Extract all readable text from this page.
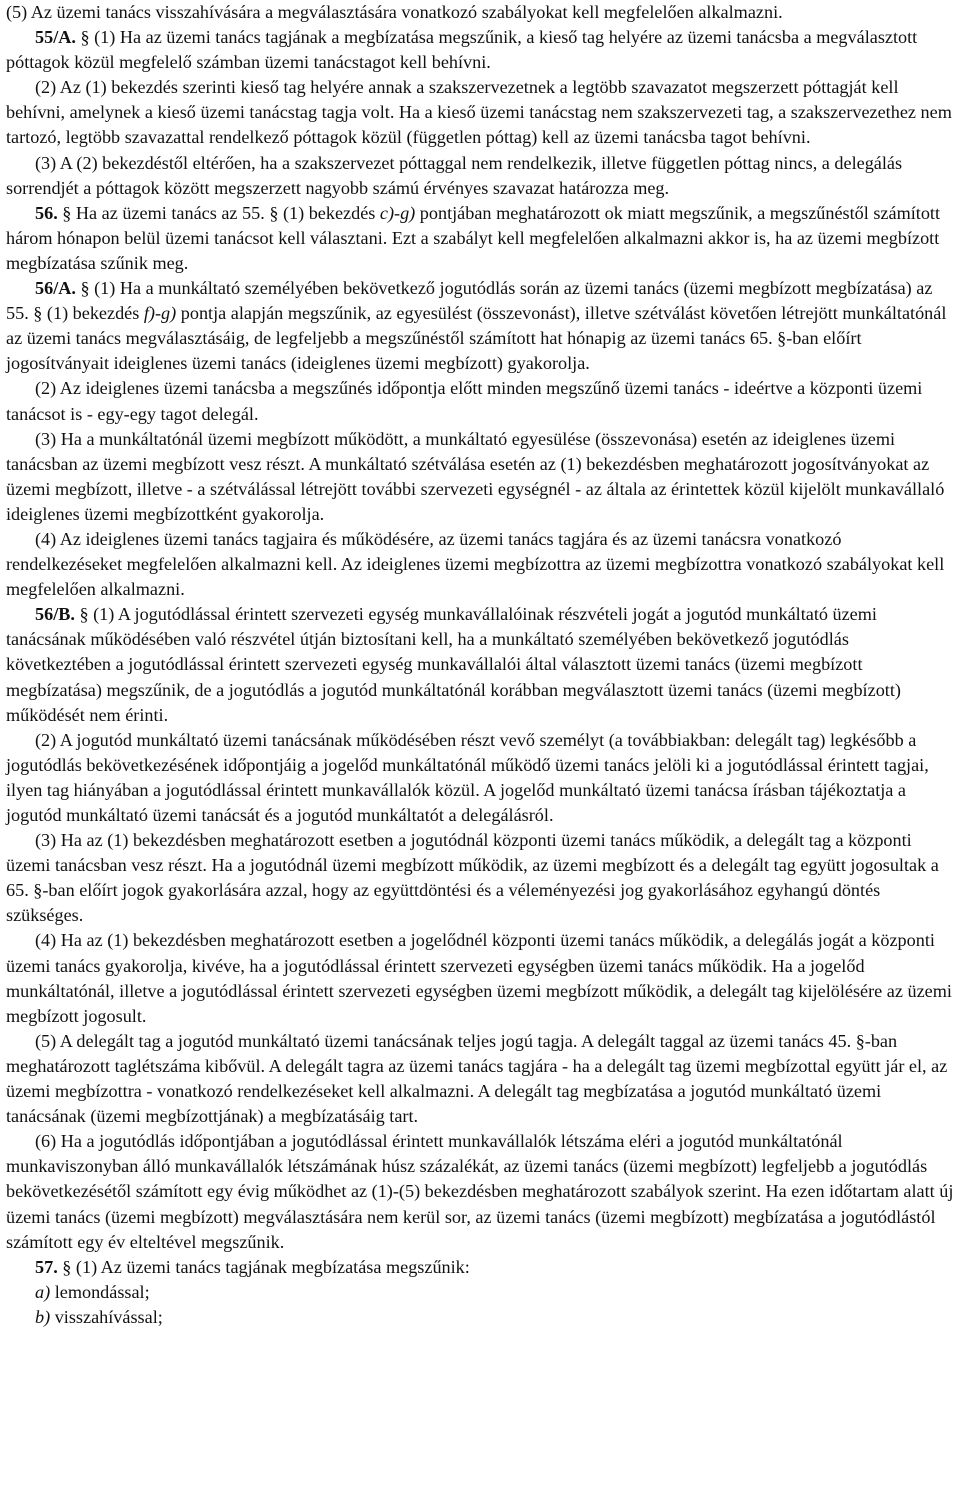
(5) Az üzemi tanács visszahívására a megválasztására vonatkozó szabályokat kell megfelelően alkalmazni.

55/A. § (1) Ha az üzemi tanács tagjának a megbízatása megszűnik, a kieső tag helyére az üzemi tanácsba a megválasztott póttagok közül megfelelő számban üzemi tanácstagot kell behívni.

(2) Az (1) bekezdés szerinti kieső tag helyére annak a szakszervezetnek a legtöbb szavazatot megszerzett póttagját kell behívni, amelynek a kieső üzemi tanácstag tagja volt. Ha a kieső üzemi tanácstag nem szakszervezeti tag, a szakszervezethez nem tartozó, legtöbb szavazattal rendelkező póttagok közül (független póttag) kell az üzemi tanácsba tagot behívni.

(3) A (2) bekezdéstől eltérően, ha a szakszervezet póttaggal nem rendelkezik, illetve független póttag nincs, a delegálás sorrendjét a póttagok között megszerzett nagyobb számú érvényes szavazat határozza meg.

56. § Ha az üzemi tanács az 55. § (1) bekezdés c)-g) pontjában meghatározott ok miatt megszűnik, a megszűnéstől számított három hónapon belül üzemi tanácsot kell választani. Ezt a szabályt kell megfelelően alkalmazni akkor is, ha az üzemi megbízott megbízatása szűnik meg.

56/A. § (1) Ha a munkáltató személyében bekövetkező jogutódlás során az üzemi tanács (üzemi megbízott megbízatása) az 55. § (1) bekezdés f)-g) pontja alapján megszűnik, az egyesülést (összevonást), illetve szétválást követően létrejött munkáltatónál az üzemi tanács megválasztásáig, de legfeljebb a megszűnéstől számított hat hónapig az üzemi tanács 65. §-ban előírt jogosítványait ideiglenes üzemi tanács (ideiglenes üzemi megbízott) gyakorolja.

(2) Az ideiglenes üzemi tanácsba a megszűnés időpontja előtt minden megszűnő üzemi tanács - ideértve a központi üzemi tanácsot is - egy-egy tagot delegál.

(3) Ha a munkáltatónál üzemi megbízott működött, a munkáltató egyesülése (összevonása) esetén az ideiglenes üzemi tanácsban az üzemi megbízott vesz részt. A munkáltató szétválása esetén az (1) bekezdésben meghatározott jogosítványokat az üzemi megbízott, illetve - a szétválással létrejött további szervezeti egységnél - az általa az érintettek közül kijelölt munkavállaló ideiglenes üzemi megbízottként gyakorolja.

(4) Az ideiglenes üzemi tanács tagjaira és működésére, az üzemi tanács tagjára és az üzemi tanácsra vonatkozó rendelkezéseket megfelelően alkalmazni kell. Az ideiglenes üzemi megbízottra az üzemi megbízottra vonatkozó szabályokat kell megfelelően alkalmazni.

56/B. § (1) A jogutódlással érintett szervezeti egység munkavállalóinak részvételi jogát a jogutód munkáltató üzemi tanácsának működésében való részvétel útján biztosítani kell, ha a munkáltató személyében bekövetkező jogutódlás következtében a jogutódlással érintett szervezeti egység munkavállalói által választott üzemi tanács (üzemi megbízott megbízatása) megszűnik, de a jogutódlás a jogutód munkáltatónál korábban megválasztott üzemi tanács (üzemi megbízott) működését nem érinti.

(2) A jogutód munkáltató üzemi tanácsának működésében részt vevő személyt (a továbbiakban: delegált tag) legkésőbb a jogutódlás bekövetkezésének időpontjáig a jogelőd munkáltatónál működő üzemi tanács jelöli ki a jogutódlással érintett tagjai, ilyen tag hiányában a jogutódlással érintett munkavállalók közül. A jogelőd munkáltató üzemi tanácsa írásban tájékoztatja a jogutód munkáltató üzemi tanácsát és a jogutód munkáltatót a delegálásról.

(3) Ha az (1) bekezdésben meghatározott esetben a jogutódnál központi üzemi tanács működik, a delegált tag a központi üzemi tanácsban vesz részt. Ha a jogutódnál üzemi megbízott működik, az üzemi megbízott és a delegált tag együtt jogosultak a 65. §-ban előírt jogok gyakorlására azzal, hogy az együttdöntési és a véleményezési jog gyakorlásához egyhangú döntés szükséges.

(4) Ha az (1) bekezdésben meghatározott esetben a jogelődnél központi üzemi tanács működik, a delegálás jogát a központi üzemi tanács gyakorolja, kivéve, ha a jogutódlással érintett szervezeti egységben üzemi tanács működik. Ha a jogelőd munkáltatónál, illetve a jogutódlással érintett szervezeti egységben üzemi megbízott működik, a delegált tag kijelölésére az üzemi megbízott jogosult.

(5) A delegált tag a jogutód munkáltató üzemi tanácsának teljes jogú tagja. A delegált taggal az üzemi tanács 45. §-ban meghatározott taglétszáma kibővül. A delegált tagra az üzemi tanács tagjára - ha a delegált tag üzemi megbízottal együtt jár el, az üzemi megbízottra - vonatkozó rendelkezéseket kell alkalmazni. A delegált tag megbízatása a jogutód munkáltató üzemi tanácsának (üzemi megbízottjának) a megbízatásáig tart.

(6) Ha a jogutódlás időpontjában a jogutódlással érintett munkavállalók létszáma eléri a jogutód munkáltatónál munkaviszonyban álló munkavállalók létszámának húsz százalékát, az üzemi tanács (üzemi megbízott) legfeljebb a jogutódlás bekövetkezésétől számított egy évig működhet az (1)-(5) bekezdésben meghatározott szabályok szerint. Ha ezen időtartam alatt új üzemi tanács (üzemi megbízott) megválasztására nem kerül sor, az üzemi tanács (üzemi megbízott) megbízatása a jogutódlástól számított egy év elteltével megszűnik.

57. § (1) Az üzemi tanács tagjának megbízatása megszűnik:

a) lemondással;

b) visszahívással;
